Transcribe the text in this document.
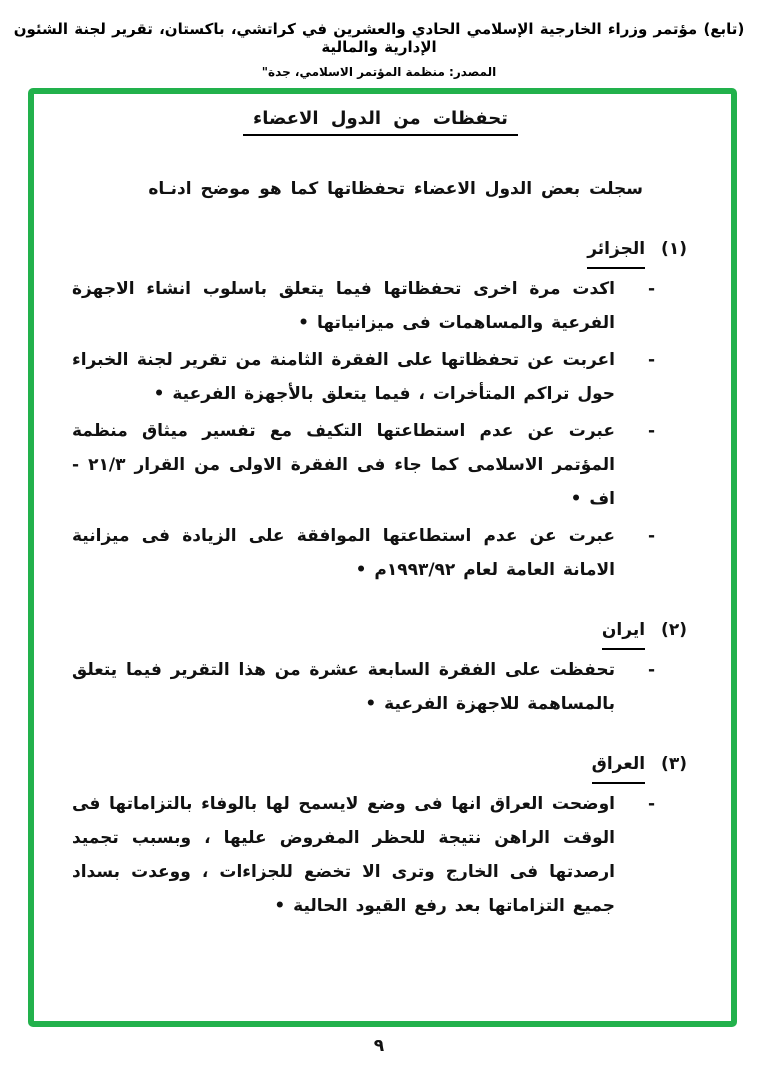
(تابع) مؤتمر وزراء الخارجية الإسلامي الحادي والعشرين في كراتشي، باكستان، تقرير لجنة الشئون الإدارية والمالية
المصدر: منظمة المؤتمر الاسلامي، جدة"
تحفظات من الدول الاعضاء

سجلت بعض الدول الاعضاء تحفظاتها كما هو موضح ادنـاه

(١)
الجزائر
-

اكدت مرة اخرى تحفظاتها فيما يتعلق باسلوب انشاء الاجهزة الفرعية والمساهمات فى ميزانياتها •

-

اعربت عن تحفظاتها على الفقرة الثامنة من تقرير لجنة الخبراء حول تراكم المتأخرات ، فيما يتعلق بالأجهزة الفرعية •

-

عبرت عن عدم استطاعتها التكيف مع تفسير ميثاق منظمة المؤتمر الاسلامى كما جاء فى الفقرة الاولى من القرار ٢١/٣ - اف •

-

عبرت عن عدم استطاعتها الموافقة على الزيادة فى ميزانية الامانة العامة لعام ١٩٩٣/٩٢م •

(٢)
ايران
-

تحفظت على الفقرة السابعة عشرة من هذا التقرير فيما يتعلق بالمساهمة للاجهزة الفرعية •

(٣)
العراق
-

اوضحت العراق انها فى وضع لايسمح لها بالوفاء بالتزاماتها فى الوقت الراهن نتيجة للحظر المفروض عليها ، وبسبب تجميد ارصدتها فى الخارج وترى الا تخضع للجزاءات ، ووعدت بسداد جميع التزاماتها بعد رفع القيود الحالية •

٩
